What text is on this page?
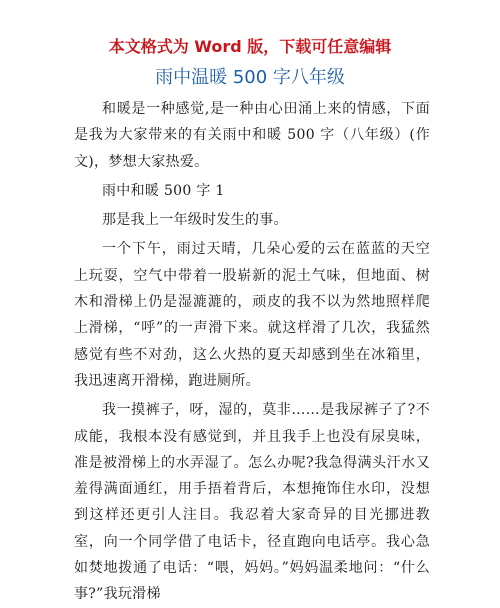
本文格式为 Word 版，下载可任意编辑
雨中温暖 500 字八年级

和暖是一种感觉,是一种由心田涌上来的情感，下面是我为大家带来的有关雨中和暖 500 字（八年级）(作文)，梦想大家热爱。

雨中和暖 500 字 1

那是我上一年级时发生的事。

一个下午，雨过天晴，几朵心爱的云在蓝蓝的天空上玩耍，空气中带着一股崭新的泥土气味，但地面、树木和滑梯上仍是湿漉漉的，顽皮的我不以为然地照样爬上滑梯，“呼”的一声滑下来。就这样滑了几次，我猛然感觉有些不对劲，这么火热的夏天却感到坐在冰箱里，我迅速离开滑梯，跑进厕所。

我一摸裤子，呀，湿的，莫非……是我尿裤子了?不成能，我根本没有感觉到，并且我手上也没有尿臭味，准是被滑梯上的水弄湿了。怎么办呢?我急得满头汗水又羞得满面通红，用手捂着背后，本想掩饰住水印，没想到这样还更引人注目。我忍着大家奇异的目光挪进教室，向一个同学借了电话卡，径直跑向电话亭。我心急如焚地拨通了电话：“喂，妈妈。”妈妈温柔地问：“什么事?”我玩滑梯
